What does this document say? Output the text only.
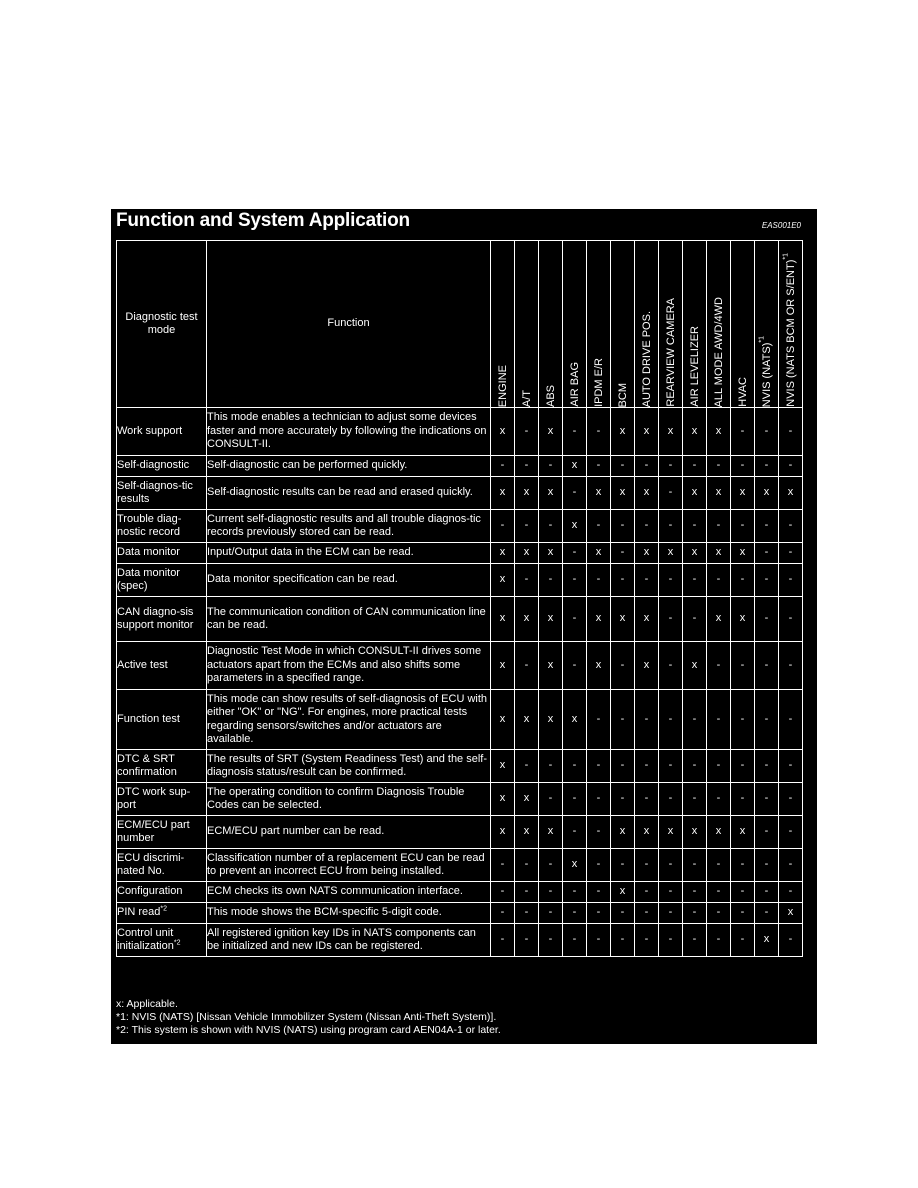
Function and System Application	EAS001E0
Diagnostic test mode	Function	ENGINE	A/T	ABS	AIR BAG	IPDM E/R	BCM	AUTO DRIVE POS.	REARVIEW CAMERA	AIR LEVELIZER	ALL MODE AWD/4WD	HVAC	NVIS (NATS)$^{*1}$	NVIS (NATS BCM OR S/ENT)$^{*1}$

Work support	This mode enables a technician to adjust some devices faster and more accurately by following the indications on CONSULT-II.	x	-	x	-	-	x	x	x	x	x	-	-	-
Self-diagnostic	Self-diagnostic can be performed quickly.	-	-	-	x	-	-	-	-	-	-	-	-	-
Self-diagnos-tic results	Self-diagnostic results can be read and erased quickly.	x	x	x	-	x	x	x	-	x	x	x	x	x
Trouble diag-nostic record	Current self-diagnostic results and all trouble diagnos-tic records previously stored can be read.	-	-	-	x	-	-	-	-	-	-	-	-	-
Data monitor	Input/Output data in the ECM can be read.	x	x	x	-	x	-	x	x	x	x	x	-	-
Data monitor (spec)	Data monitor specification can be read.	x	-	-	-	-	-	-	-	-	-	-	-	-
CAN diagno-sis support monitor	The communication condition of CAN communication line can be read.	x	x	x	-	x	x	x	-	-	x	x	-	-
Active test	Diagnostic Test Mode in which CONSULT-II drives some actuators apart from the ECMs and also shifts some parameters in a specified range.	x	-	x	-	x	-	x	-	x	-	-	-	-
Function test	This mode can show results of self-diagnosis of ECU with either "OK" or "NG". For engines, more practical tests regarding sensors/switches and/or actuators are available.	x	x	x	x	-	-	-	-	-	-	-	-	-
DTC & SRT confirmation	The results of SRT (System Readiness Test) and the self-diagnosis status/result can be confirmed.	x	-	-	-	-	-	-	-	-	-	-	-	-
DTC work sup-port	The operating condition to confirm Diagnosis Trouble Codes can be selected.	x	x	-	-	-	-	-	-	-	-	-	-	-
ECM/ECU part number	ECM/ECU part number can be read.	x	x	x	-	-	x	x	x	x	x	x	-	-
ECU discrimi-nated No.	Classification number of a replacement ECU can be read to prevent an incorrect ECU from being installed.	-	-	-	x	-	-	-	-	-	-	-	-	-
Configuration	ECM checks its own NATS communication interface.	-	-	-	-	-	x	-	-	-	-	-	-	-
PIN read$^{*2}$	This mode shows the BCM-specific 5-digit code.	-	-	-	-	-	-	-	-	-	-	-	-	x
Control unit initialization$^{*2}$	All registered ignition key IDs in NATS components can be initialized and new IDs can be registered.	-	-	-	-	-	-	-	-	-	-	-	x	-
x: Applicable.
*1: NVIS (NATS) [Nissan Vehicle Immobilizer System (Nissan Anti-Theft System)].
*2: This system is shown with NVIS (NATS) using program card AEN04A-1 or later.
